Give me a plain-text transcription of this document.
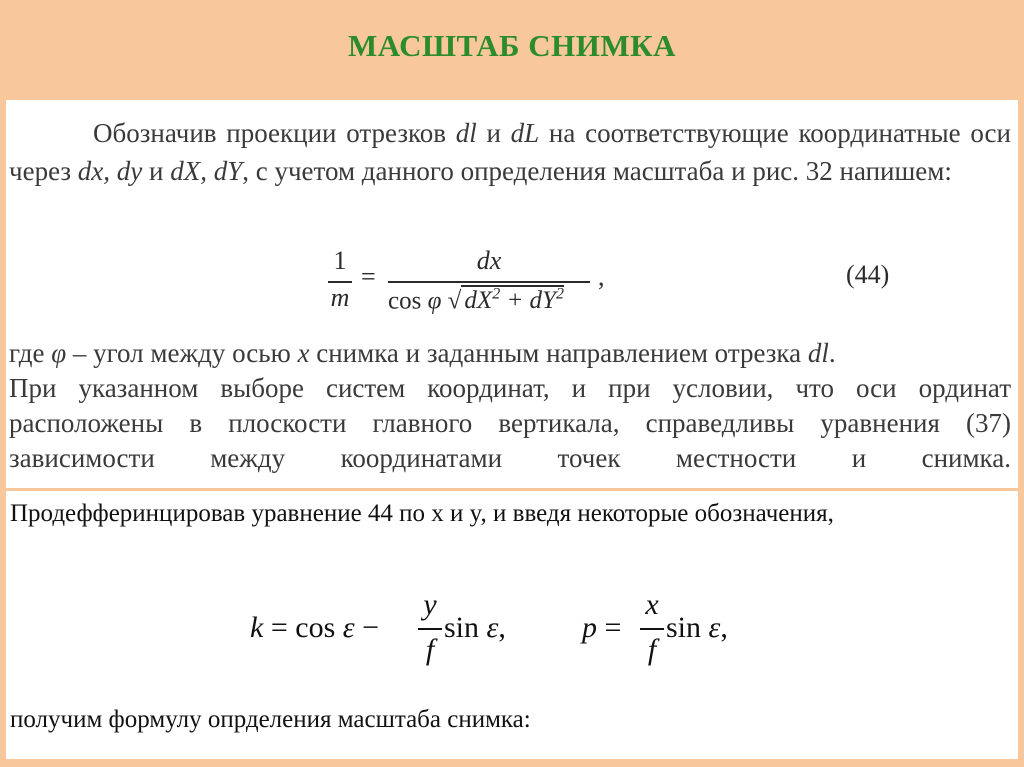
МАСШТАБ СНИМКА
Обозначив проекции отрезков dl и dL на соответствующие координатные оси через dx, dy и dX, dY, с учетом данного определения масштаба и рис. 32 напишем:
1
m
=
dx
cos φ √ $dX^2 + dY^2$
,	(44)
где φ – угол между осью x снимка и заданным направлением отрезка dl.
При указанном выборе систем координат, и при условии, что оси ординат
расположены в плоскости главного вертикала, справедливы уравнения (37)
зависимости между координатами точек местности и снимка.
Продефферинцировав уравнение 44 по x и y, и введя некоторые обозначения,
k = cos ε −
y
f
sin ε,	p =
x
f
sin ε,
получим формулу опрделения масштаба снимка:
